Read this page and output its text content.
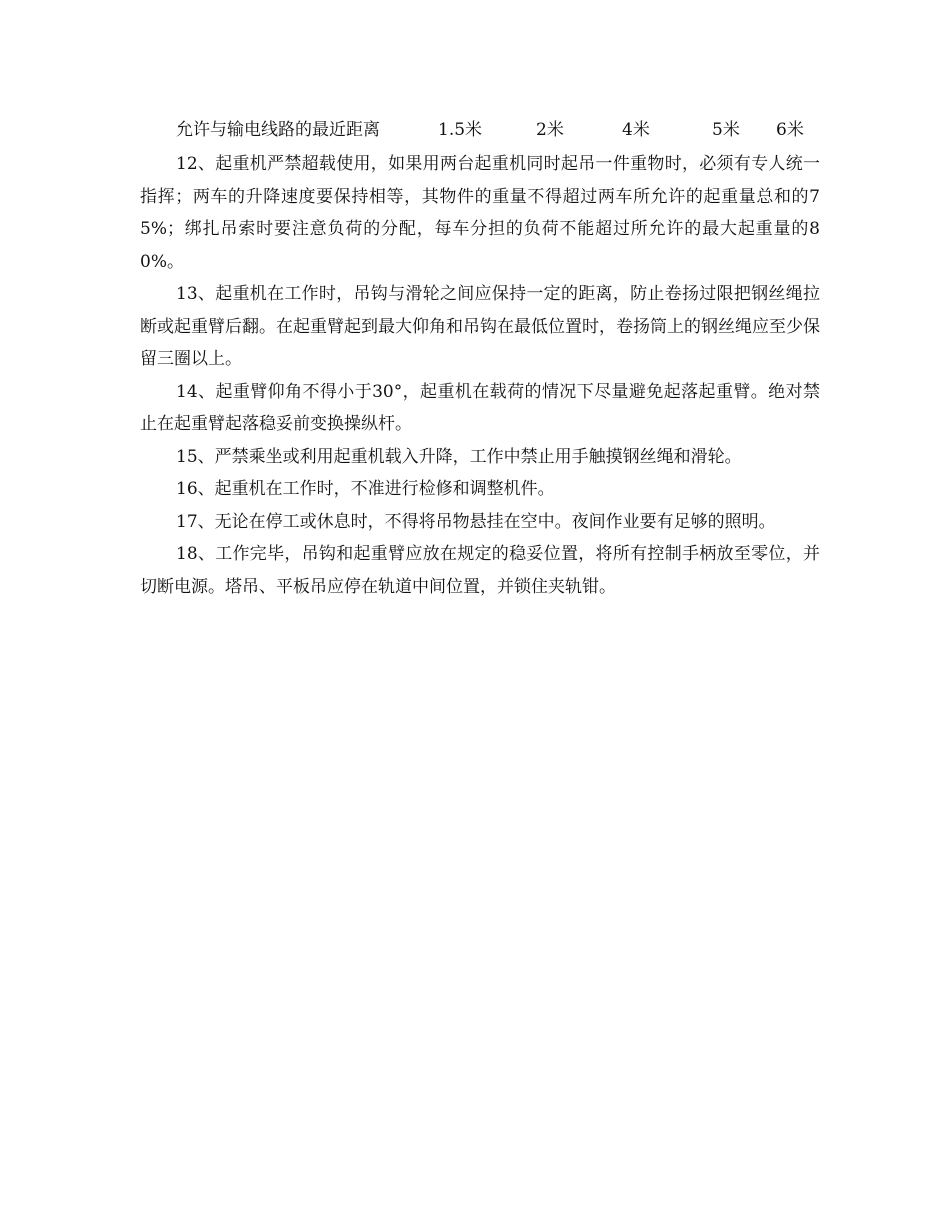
允许与输电线路的最近距离	1.5米	2米	4米	5米	6米

12、起重机严禁超载使用，如果用两台起重机同时起吊一件重物时，必须有专人统一指挥；两车的升降速度要保持相等，其物件的重量不得超过两车所允许的起重量总和的75%；绑扎吊索时要注意负荷的分配，每车分担的负荷不能超过所允许的最大起重量的80%。

13、起重机在工作时，吊钩与滑轮之间应保持一定的距离，防止卷扬过限把钢丝绳拉断或起重臂后翻。在起重臂起到最大仰角和吊钩在最低位置时，卷扬筒上的钢丝绳应至少保留三圈以上。

14、起重臂仰角不得小于30°，起重机在载荷的情况下尽量避免起落起重臂。绝对禁止在起重臂起落稳妥前变换操纵杆。

15、严禁乘坐或利用起重机载入升降，工作中禁止用手触摸钢丝绳和滑轮。

16、起重机在工作时，不准进行检修和调整机件。

17、无论在停工或休息时，不得将吊物悬挂在空中。夜间作业要有足够的照明。

18、工作完毕，吊钩和起重臂应放在规定的稳妥位置，将所有控制手柄放至零位，并切断电源。塔吊、平板吊应停在轨道中间位置，并锁住夹轨钳。
